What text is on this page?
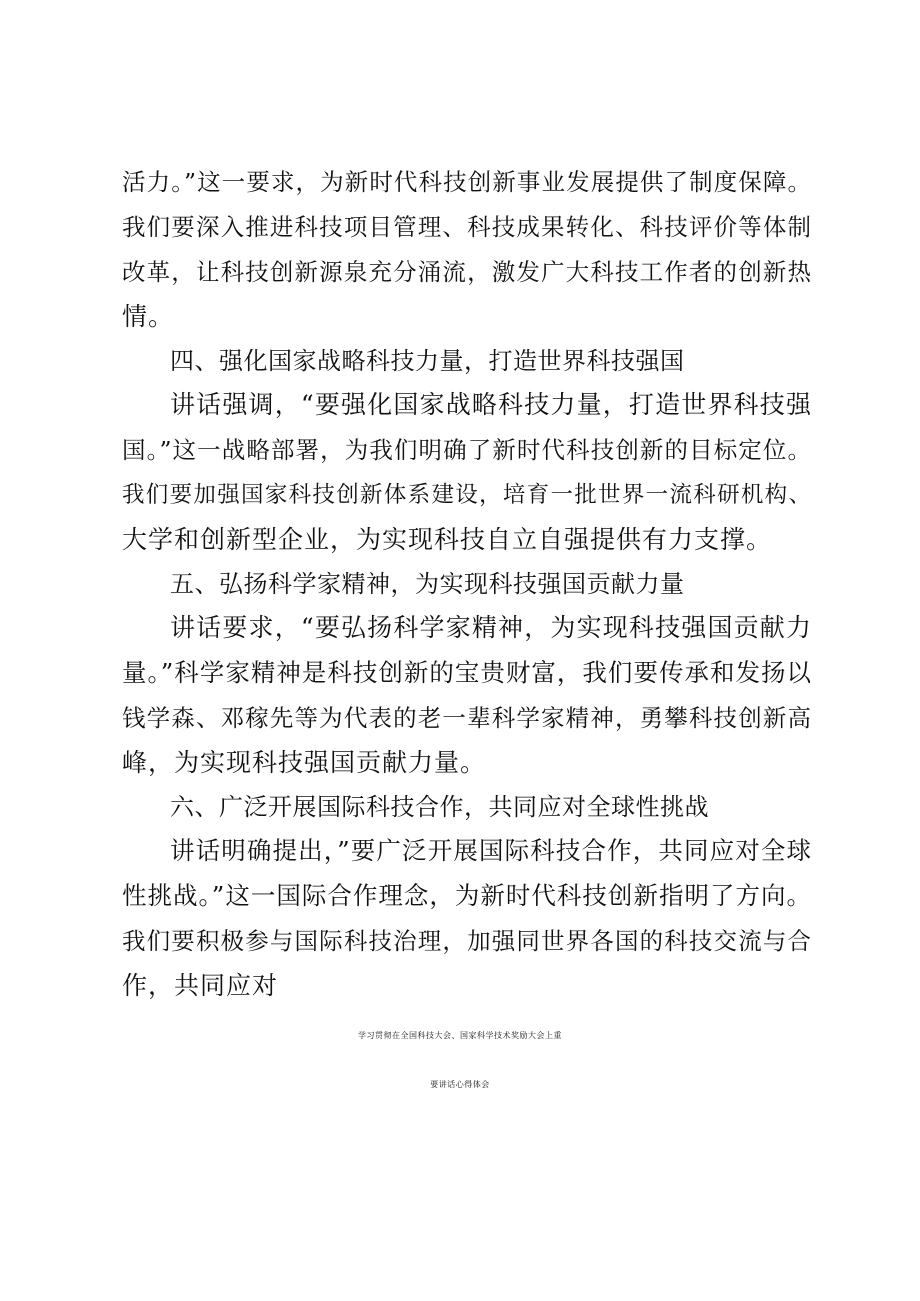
活力。”这一要求，为新时代科技创新事业发展提供了制度保障。
我们要深入推进科技项目管理、科技成果转化、科技评价等体制
改革，让科技创新源泉充分涌流，激发广大科技工作者的创新热
情。
四、强化国家战略科技力量，打造世界科技强国
讲话强调，“要强化国家战略科技力量，打造世界科技强
国。”这一战略部署，为我们明确了新时代科技创新的目标定位。
我们要加强国家科技创新体系建设，培育一批世界一流科研机构、
大学和创新型企业，为实现科技自立自强提供有力支撑。
五、弘扬科学家精神，为实现科技强国贡献力量
讲话要求，“要弘扬科学家精神，为实现科技强国贡献力
量。”科学家精神是科技创新的宝贵财富，我们要传承和发扬以
钱学森、邓稼先等为代表的老一辈科学家精神，勇攀科技创新高
峰，为实现科技强国贡献力量。
六、广泛开展国际科技合作，共同应对全球性挑战
讲话明确提出，”要广泛开展国际科技合作，共同应对全球
性挑战。”这一国际合作理念，为新时代科技创新指明了方向。
我们要积极参与国际科技治理，加强同世界各国的科技交流与合
作，共同应对
学习贯彻在全国科技大会、国家科学技术奖励大会上重
要讲话心得体会
